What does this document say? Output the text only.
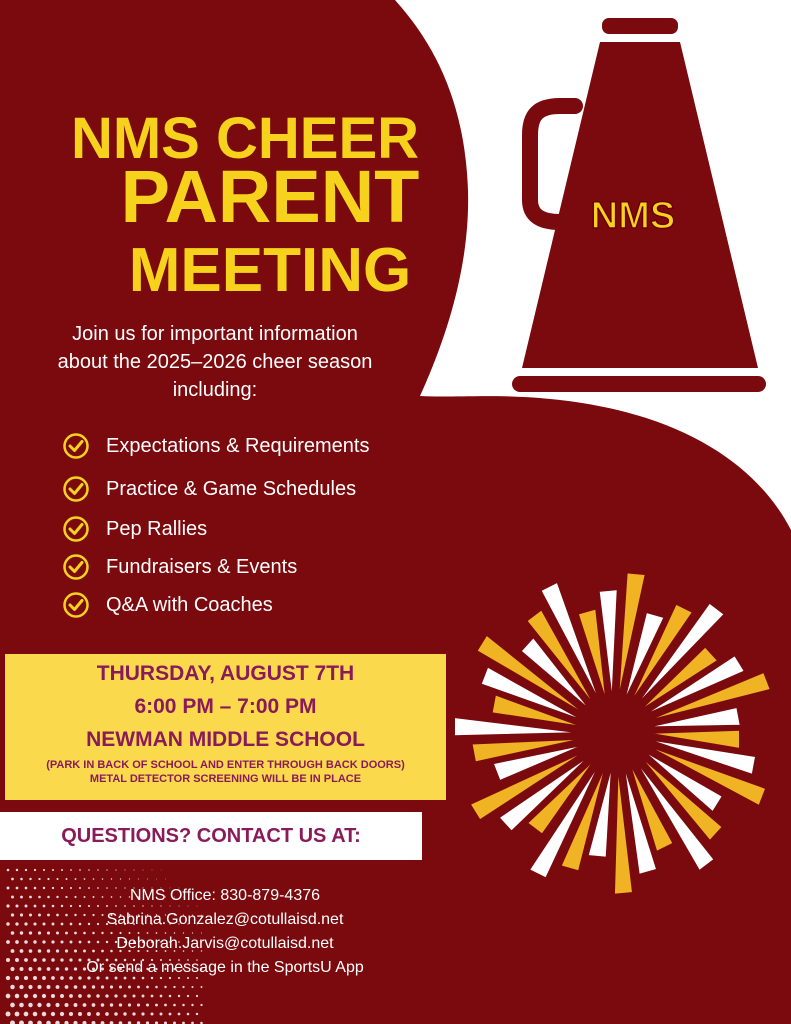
NMS
NMS CHEER
PARENT
MEETING
Join us for important information
about the 2025–2026 cheer season
including:
Expectations & Requirements
Practice & Game Schedules
Pep Rallies
Fundraisers & Events
Q&A with Coaches
THURSDAY, AUGUST 7TH
6:00 PM – 7:00 PM
NEWMAN MIDDLE SCHOOL
(PARK IN BACK OF SCHOOL AND ENTER THROUGH BACK DOORS)
METAL DETECTOR SCREENING WILL BE IN PLACE
QUESTIONS? CONTACT US AT:
NMS Office: 830-879-4376
Sabrina.Gonzalez@cotullaisd.net
Deborah.Jarvis@cotullaisd.net
Or send a message in the SportsU App
